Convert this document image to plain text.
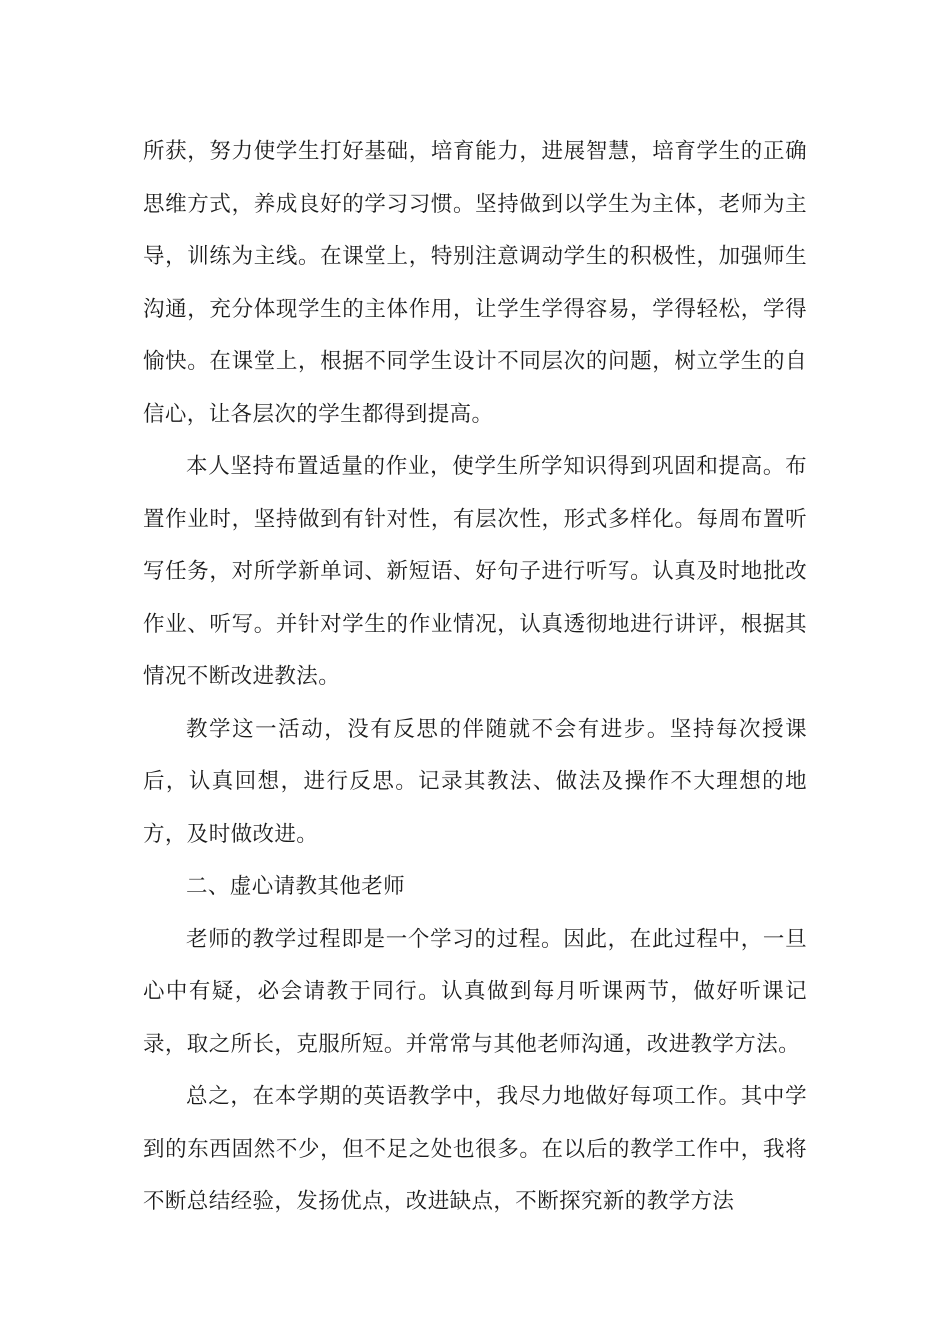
所获，努力使学生打好基础，培育能力，进展智慧，培育学生的正确思维方式，养成良好的学习习惯。坚持做到以学生为主体，老师为主导，训练为主线。在课堂上，特别注意调动学生的积极性，加强师生沟通，充分体现学生的主体作用，让学生学得容易，学得轻松，学得愉快。在课堂上，根据不同学生设计不同层次的问题，树立学生的自信心，让各层次的学生都得到提高。

本人坚持布置适量的作业，使学生所学知识得到巩固和提高。布置作业时，坚持做到有针对性，有层次性，形式多样化。每周布置听写任务，对所学新单词、新短语、好句子进行听写。认真及时地批改作业、听写。并针对学生的作业情况，认真透彻地进行讲评，根据其情况不断改进教法。

教学这一活动，没有反思的伴随就不会有进步。坚持每次授课后，认真回想，进行反思。记录其教法、做法及操作不大理想的地方，及时做改进。

二、虚心请教其他老师

老师的教学过程即是一个学习的过程。因此，在此过程中，一旦心中有疑，必会请教于同行。认真做到每月听课两节，做好听课记录，取之所长，克服所短。并常常与其他老师沟通，改进教学方法。

总之，在本学期的英语教学中，我尽力地做好每项工作。其中学到的东西固然不少，但不足之处也很多。在以后的教学工作中，我将不断总结经验，发扬优点，改进缺点，不断探究新的教学方法
